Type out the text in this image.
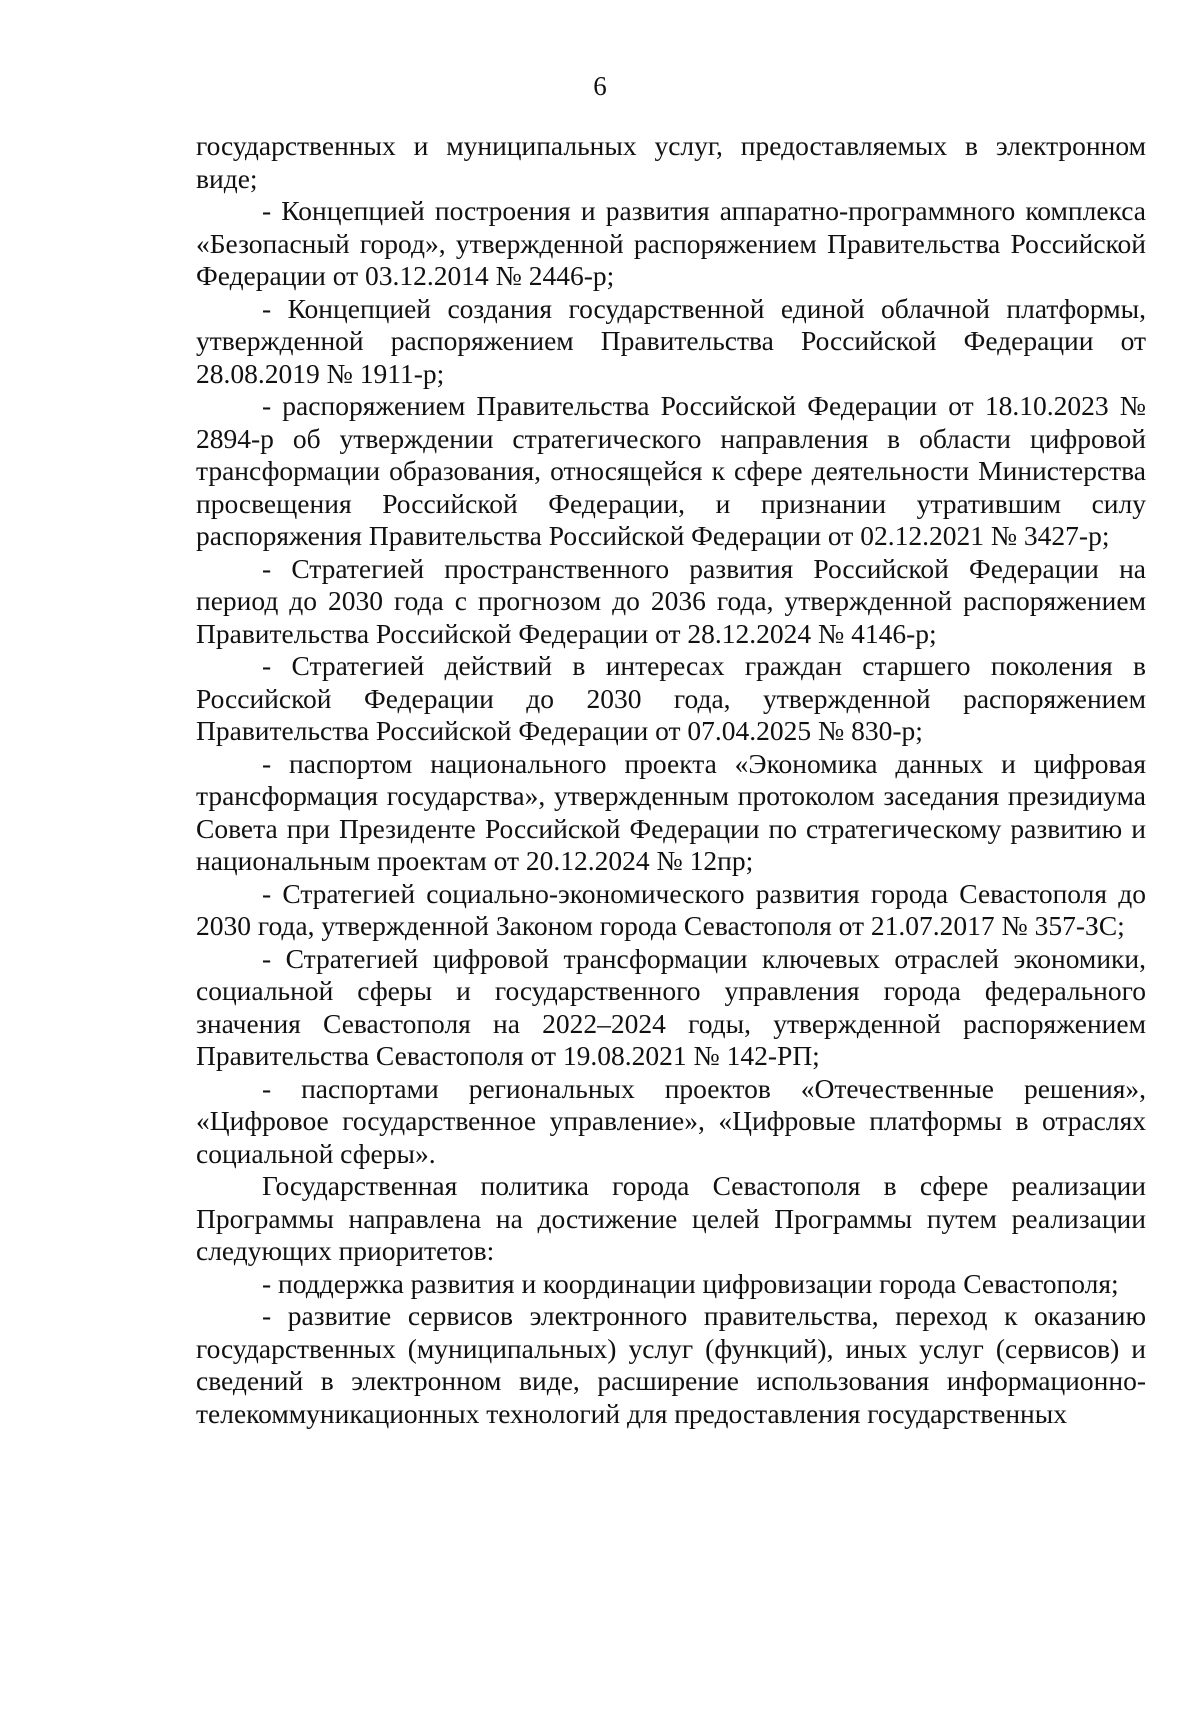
6

государственных и муниципальных услуг, предоставляемых в электронном виде;

- Концепцией построения и развития аппаратно-программного комплекса «Безопасный город», утвержденной распоряжением Правительства Российской Федерации от 03.12.2014 № 2446-р;

- Концепцией создания государственной единой облачной платформы, утвержденной распоряжением Правительства Российской Федерации от 28.08.2019 № 1911-р;

- распоряжением Правительства Российской Федерации от 18.10.2023 № 2894-р об утверждении стратегического направления в области цифровой трансформации образования, относящейся к сфере деятельности Министерства просвещения Российской Федерации, и признании утратившим силу распоряжения Правительства Российской Федерации от 02.12.2021 № 3427-р;

- Стратегией пространственного развития Российской Федерации на период до 2030 года с прогнозом до 2036 года, утвержденной распоряжением Правительства Российской Федерации от 28.12.2024 № 4146-р;

- Стратегией действий в интересах граждан старшего поколения в Российской Федерации до 2030 года, утвержденной распоряжением Правительства Российской Федерации от 07.04.2025 № 830-р;

- паспортом национального проекта «Экономика данных и цифровая трансформация государства», утвержденным протоколом заседания президиума Совета при Президенте Российской Федерации по стратегическому развитию и национальным проектам от 20.12.2024 № 12пр;

- Стратегией социально-экономического развития города Севастополя до 2030 года, утвержденной Законом города Севастополя от 21.07.2017 № 357-ЗС;

- Стратегией цифровой трансформации ключевых отраслей экономики, социальной сферы и государственного управления города федерального значения Севастополя на 2022–2024 годы, утвержденной распоряжением Правительства Севастополя от 19.08.2021 № 142-РП;

- паспортами региональных проектов «Отечественные решения», «Цифровое государственное управление», «Цифровые платформы в отраслях социальной сферы».

Государственная политика города Севастополя в сфере реализации Программы направлена на достижение целей Программы путем реализации следующих приоритетов:

- поддержка развития и координации цифровизации города Севастополя;

- развитие сервисов электронного правительства, переход к оказанию государственных (муниципальных) услуг (функций), иных услуг (сервисов) и сведений в электронном виде, расширение использования информационно-телекоммуникационных технологий для предоставления государственных
